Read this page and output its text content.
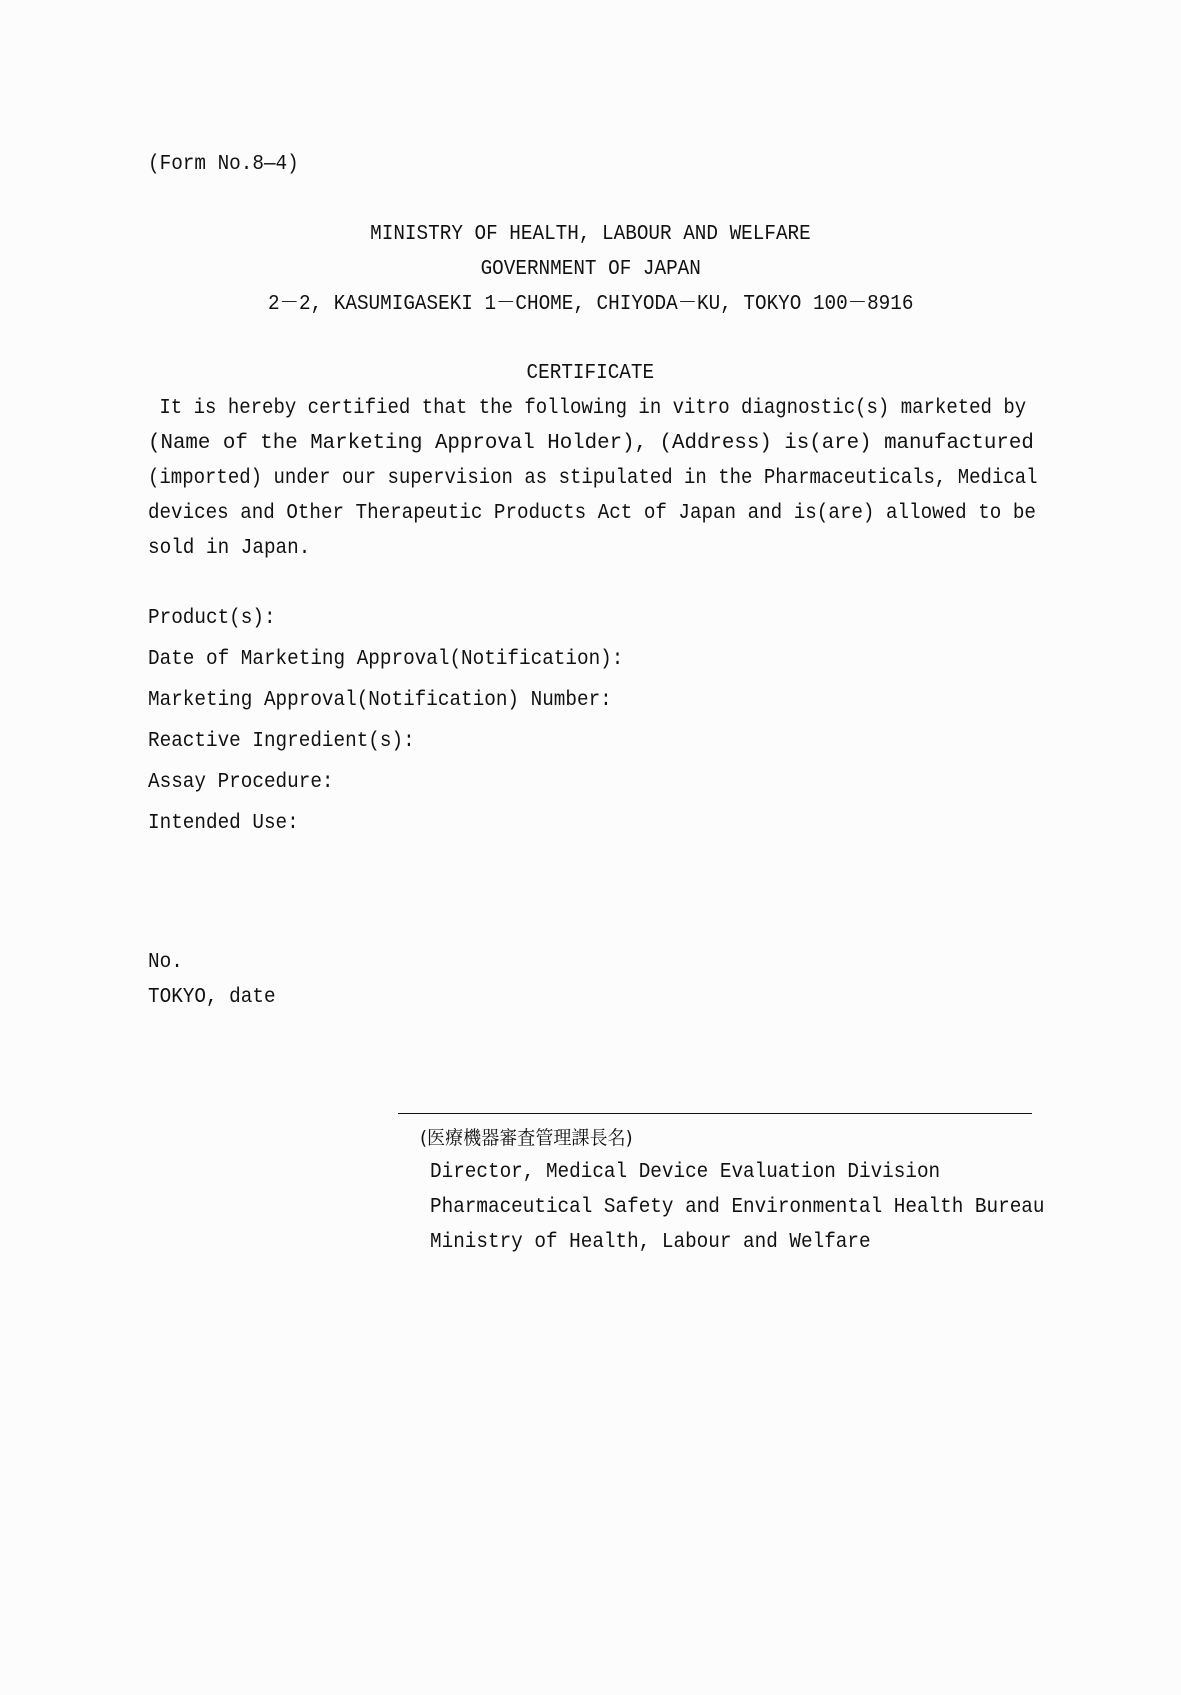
(Form No.8—4)
MINISTRY OF HEALTH, LABOUR AND WELFARE
GOVERNMENT OF JAPAN
2－2, KASUMIGASEKI 1－CHOME, CHIYODA－KU, TOKYO 100－8916
CERTIFICATE
It is hereby certified that the following in vitro diagnostic(s) marketed by
(Name of the Marketing Approval Holder), (Address) is(are) manufactured
(imported) under our supervision as stipulated in the Pharmaceuticals, Medical
devices and Other Therapeutic Products Act of Japan and is(are) allowed to be
sold in Japan.
Product(s):
Date of Marketing Approval(Notification):
Marketing Approval(Notification) Number:
Reactive Ingredient(s):
Assay Procedure:
Intended Use:
No.
TOKYO, date
(医療機器審査管理課長名)
Director, Medical Device Evaluation Division
Pharmaceutical Safety and Environmental Health Bureau
Ministry of Health, Labour and Welfare
